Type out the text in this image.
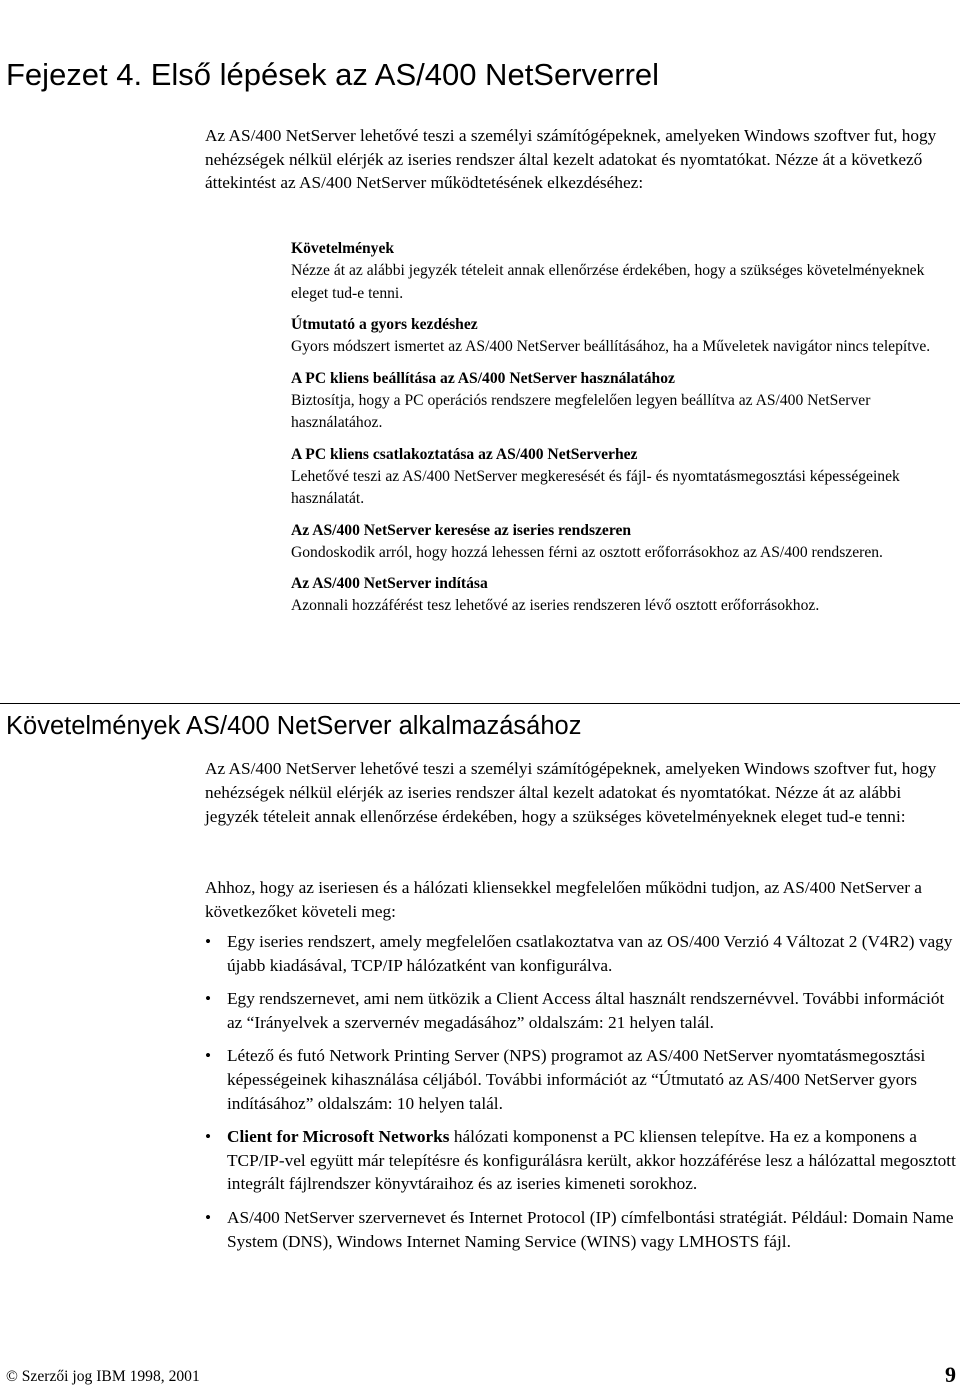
Fejezet 4. Első lépések az AS/400 NetServerrel

Az AS/400 NetServer lehetővé teszi a személyi számítógépeknek, amelyeken Windows szoftver fut, hogy nehézségek nélkül elérjék az iseries rendszer által kezelt adatokat és nyomtatókat. Nézze át a következő áttekintést az AS/400 NetServer működtetésének elkezdéséhez:

Követelmények
Nézze át az alábbi jegyzék tételeit annak ellenőrzése érdekében, hogy a szükséges követelményeknek eleget tud-e tenni.
Útmutató a gyors kezdéshez
Gyors módszert ismertet az AS/400 NetServer beállításához, ha a Műveletek navigátor nincs telepítve.
A PC kliens beállítása az AS/400 NetServer használatához
Biztosítja, hogy a PC operációs rendszere megfelelően legyen beállítva az AS/400 NetServer használatához.
A PC kliens csatlakoztatása az AS/400 NetServerhez
Lehetővé teszi az AS/400 NetServer megkeresését és fájl- és nyomtatásmegosztási képességeinek használatát.
Az AS/400 NetServer keresése az iseries rendszeren
Gondoskodik arról, hogy hozzá lehessen férni az osztott erőforrásokhoz az AS/400 rendszeren.
Az AS/400 NetServer indítása
Azonnali hozzáférést tesz lehetővé az iseries rendszeren lévő osztott erőforrásokhoz.
Követelmények AS/400 NetServer alkalmazásához

Az AS/400 NetServer lehetővé teszi a személyi számítógépeknek, amelyeken Windows szoftver fut, hogy nehézségek nélkül elérjék az iseries rendszer által kezelt adatokat és nyomtatókat. Nézze át az alábbi jegyzék tételeit annak ellenőrzése érdekében, hogy a szükséges követelményeknek eleget tud-e tenni:

Ahhoz, hogy az iseriesen és a hálózati kliensekkel megfelelően működni tudjon, az AS/400 NetServer a következőket követeli meg:

• Egy iseries rendszert, amely megfelelően csatlakoztatva van az OS/400 Verzió 4 Változat 2 (V4R2) vagy újabb kiadásával, TCP/IP hálózatként van konfigurálva.
• Egy rendszernevet, ami nem ütközik a Client Access által használt rendszernévvel. További információt az “Irányelvek a szervernév megadásához” oldalszám: 21 helyen talál.
• Létező és futó Network Printing Server (NPS) programot az AS/400 NetServer nyomtatásmegosztási képességeinek kihasználása céljából. További információt az “Útmutató az AS/400 NetServer gyors indításához” oldalszám: 10 helyen talál.
• Client for Microsoft Networks hálózati komponenst a PC kliensen telepítve. Ha ez a komponens a TCP/IP-vel együtt már telepítésre és konfigurálásra került, akkor hozzáférése lesz a hálózattal megosztott integrált fájlrendszer könyvtáraihoz és az iseries kimeneti sorokhoz.
• AS/400 NetServer szervernevet és Internet Protocol (IP) címfelbontási stratégiát. Például: Domain Name System (DNS), Windows Internet Naming Service (WINS) vagy LMHOSTS fájl.
© Szerzői jog IBM 1998, 2001	9
